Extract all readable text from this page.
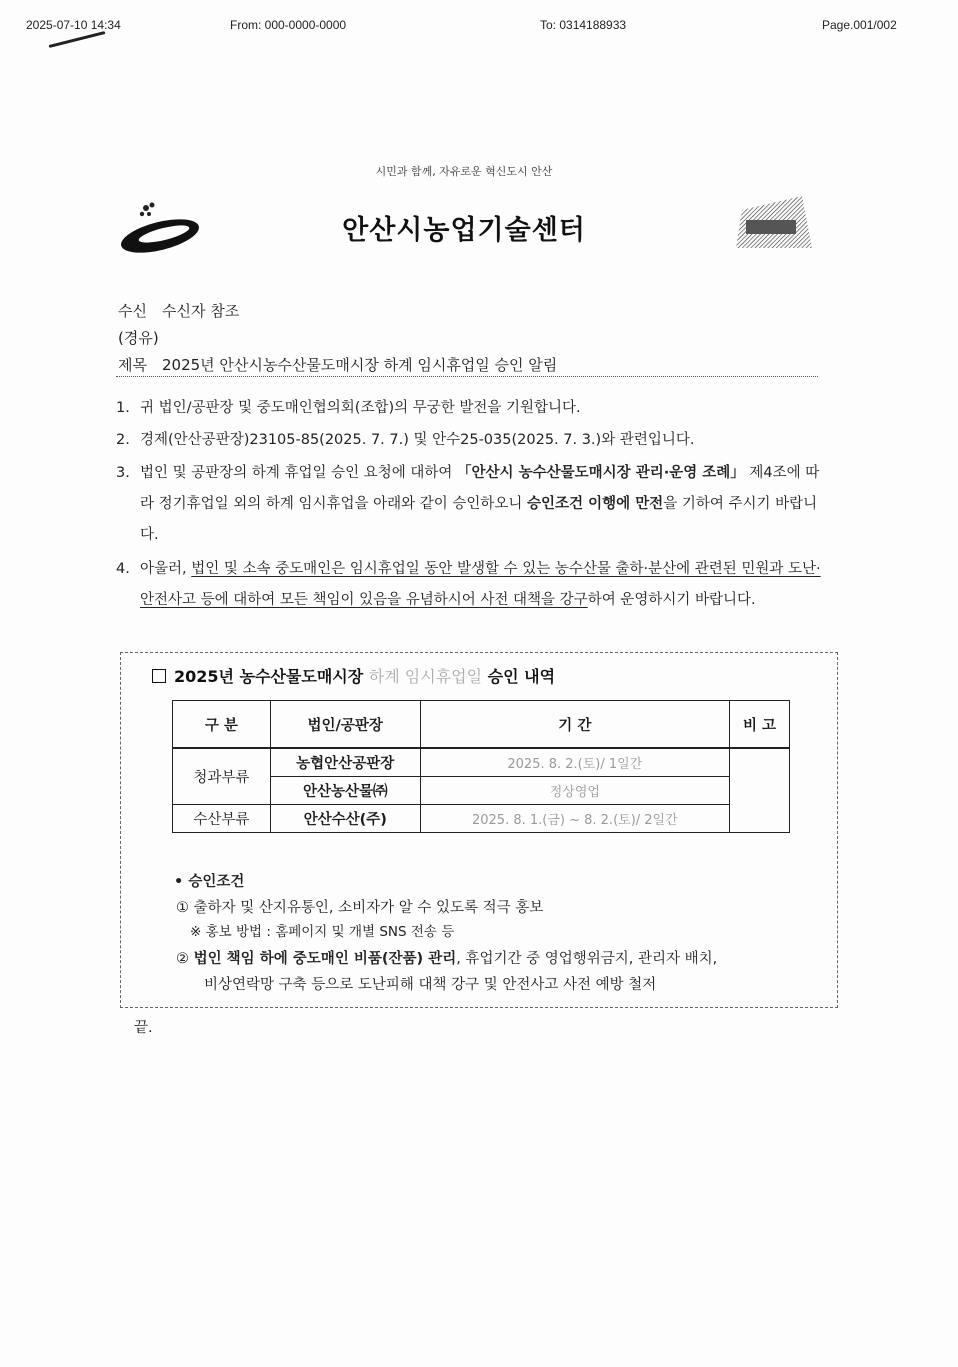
2025-07-10 14:34	From: 000-0000-0000	To: 0314188933	Page.001/002
시민과 함께, 자유로운 혁신도시 안산
안산시농업기술센터
수신 수신자 참조
(경유)
제목 2025년 안산시농수산물도매시장 하계 임시휴업일 승인 알림
1. 귀 법인/공판장 및 중도매인협의회(조합)의 무궁한 발전을 기원합니다.
2. 경제(안산공판장)23105-85(2025. 7. 7.) 및 안수25-035(2025. 7. 3.)와 관련입니다.
3. 법인 및 공판장의 하계 휴업일 승인 요청에 대하여 「안산시 농수산물도매시장 관리·운영 조례」 제4조에 따라 정기휴업일 외의 하계 임시휴업을 아래와 같이 승인하오니 승인조건 이행에 만전을 기하여 주시기 바랍니다.
4. 아울러, 법인 및 소속 중도매인은 임시휴업일 동안 발생할 수 있는 농수산물 출하·분산에 관련된 민원과 도난·안전사고 등에 대하여 모든 책임이 있음을 유념하시어 사전 대책을 강구하여 운영하시기 바랍니다.
2025년 농수산물도매시장 하계 임시휴업일 승인 내역
구 분	법인/공판장	기 간	비 고
청과부류	농협안산공판장	2025. 8. 2.(토)/ 1일간	
	안산농산물㈜	정상영업	
수산부류	안산수산(주)	2025. 8. 1.(금) ~ 8. 2.(토)/ 2일간	
• 승인조건
① 출하자 및 산지유통인, 소비자가 알 수 있도록 적극 홍보
※ 홍보 방법 : 홈페이지 및 개별 SNS 전송 등
② 법인 책임 하에 중도매인 비품(잔품) 관리, 휴업기간 중 영업행위금지, 관리자 배치,
비상연락망 구축 등으로 도난피해 대책 강구 및 안전사고 사전 예방 철저
끝.
